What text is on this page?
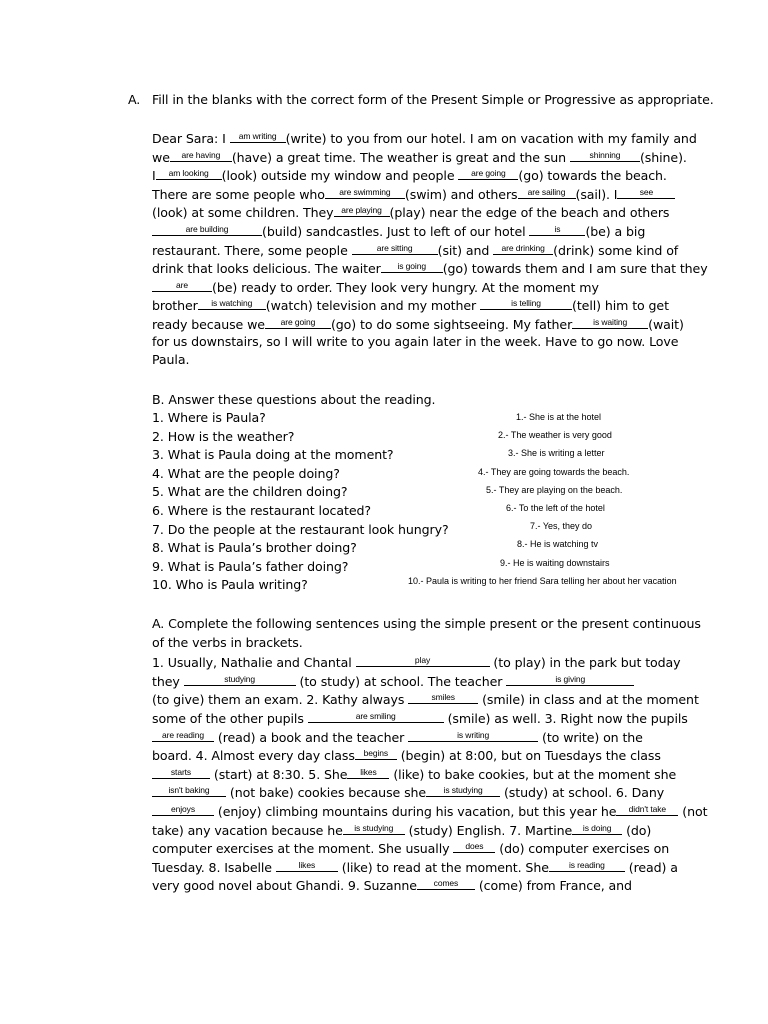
A. Fill in the blanks with the correct form of the Present Simple or Progressive as appropriate.
Dear Sara: I	am writing (write) to you from our hotel. I am on vacation with my family and
we	are having (have) a great time. The weather is great and the sun	shinning	(shine).
I	am looking	(look) outside my window and people	are going	(go) towards the beach.
There are some people who	are swimming	(swim) and others	are sailing (sail). I	see
(look) at some children. They are playing (play) near the edge of the beach and others
are building	(build) sandcastles. Just to left of our hotel	is	(be) a big
restaurant. There, some people	are sitting	(sit) and are drinking (drink) some kind of
drink that looks delicious. The waiter	is going	(go) towards them and I am sure that they
are	(be) ready to order. They look very hungry. At the moment my
brother	is watching	(watch) television and my mother	is telling	(tell) him to get
ready because we	are going	(go) to do some sightseeing. My father	is waiting	(wait)
for us downstairs, so I will write to you again later in the week. Have to go now. Love
Paula.
B. Answer these questions about the reading.
1. Where is Paula?
2. How is the weather?
3. What is Paula doing at the moment?
4. What are the people doing?
5. What are the children doing?
6. Where is the restaurant located?
7. Do the people at the restaurant look hungry?
8. What is Paula’s brother doing?
9. What is Paula’s father doing?
10. Who is Paula writing?
1.- She is at the hotel
2.- The weather is very good
3.- She is writing a letter
4.- They are going towards the beach.
5.- They are playing on the beach.
6.- To the left of the hotel
7.- Yes, they do
8.- He is watching tv
9.- He is waiting downstairs
10.- Paula is writing to her friend Sara telling her about her vacation
A. Complete the following sentences using the simple present or the present continuous
of the verbs in brackets.
1. Usually, Nathalie and Chantal	play	(to play) in the park but today
they	studying	(to study) at school. The teacher	is giving
(to give) them an exam. 2. Kathy always	smiles	(smile) in class and at the moment
some of the other pupils	are smiling	(smile) as well. 3. Right now the pupils
are reading (read) a book and the teacher	is writing	(to write) on the
board. 4. Almost every day class	begins (begin) at 8:00, but on Tuesdays the class
starts	(start) at 8:30. 5. She	likes	(like) to bake cookies, but at the moment she
isn't baking	(not bake) cookies because she	is studying	(study) at school. 6. Dany
enjoys	(enjoy) climbing mountains during his vacation, but this year he	didn't take (not
take) any vacation because he	is studying (study) English. 7. Martine	is doing (do)
computer exercises at the moment. She usually	does (do) computer exercises on
Tuesday. 8. Isabelle	likes	(like) to read at the moment. She	is reading	(read) a
very good novel about Ghandi. 9. Suzanne	comes	(come) from France, and
